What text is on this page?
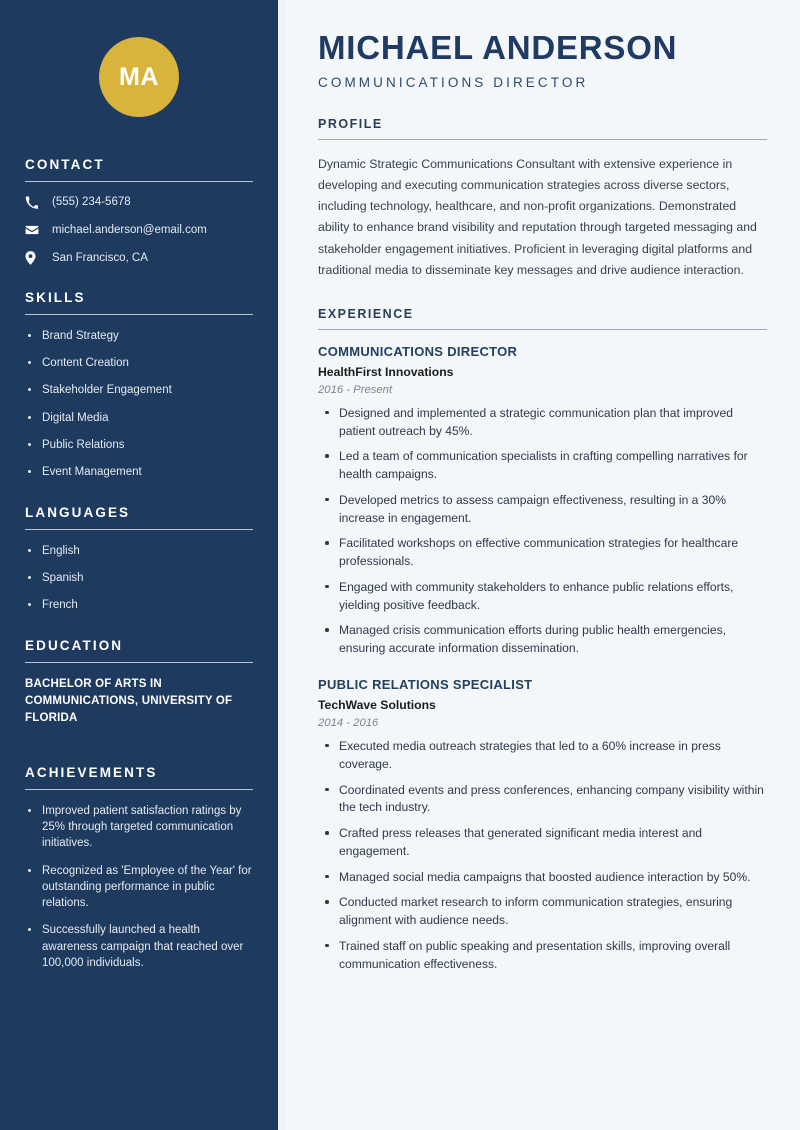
MA
CONTACT
(555) 234-5678
michael.anderson@email.com
San Francisco, CA
SKILLS
Brand Strategy
Content Creation
Stakeholder Engagement
Digital Media
Public Relations
Event Management
LANGUAGES
English
Spanish
French
EDUCATION
BACHELOR OF ARTS IN COMMUNICATIONS, UNIVERSITY OF FLORIDA
ACHIEVEMENTS
Improved patient satisfaction ratings by 25% through targeted communication initiatives.
Recognized as 'Employee of the Year' for outstanding performance in public relations.
Successfully launched a health awareness campaign that reached over 100,000 individuals.
MICHAEL ANDERSON
COMMUNICATIONS DIRECTOR
PROFILE

Dynamic Strategic Communications Consultant with extensive experience in developing and executing communication strategies across diverse sectors, including technology, healthcare, and non-profit organizations. Demonstrated ability to enhance brand visibility and reputation through targeted messaging and stakeholder engagement initiatives. Proficient in leveraging digital platforms and traditional media to disseminate key messages and drive audience interaction.

EXPERIENCE
COMMUNICATIONS DIRECTOR
HealthFirst Innovations
2016 - Present
Designed and implemented a strategic communication plan that improved patient outreach by 45%.
Led a team of communication specialists in crafting compelling narratives for health campaigns.
Developed metrics to assess campaign effectiveness, resulting in a 30% increase in engagement.
Facilitated workshops on effective communication strategies for healthcare professionals.
Engaged with community stakeholders to enhance public relations efforts, yielding positive feedback.
Managed crisis communication efforts during public health emergencies, ensuring accurate information dissemination.
PUBLIC RELATIONS SPECIALIST
TechWave Solutions
2014 - 2016
Executed media outreach strategies that led to a 60% increase in press coverage.
Coordinated events and press conferences, enhancing company visibility within the tech industry.
Crafted press releases that generated significant media interest and engagement.
Managed social media campaigns that boosted audience interaction by 50%.
Conducted market research to inform communication strategies, ensuring alignment with audience needs.
Trained staff on public speaking and presentation skills, improving overall communication effectiveness.
